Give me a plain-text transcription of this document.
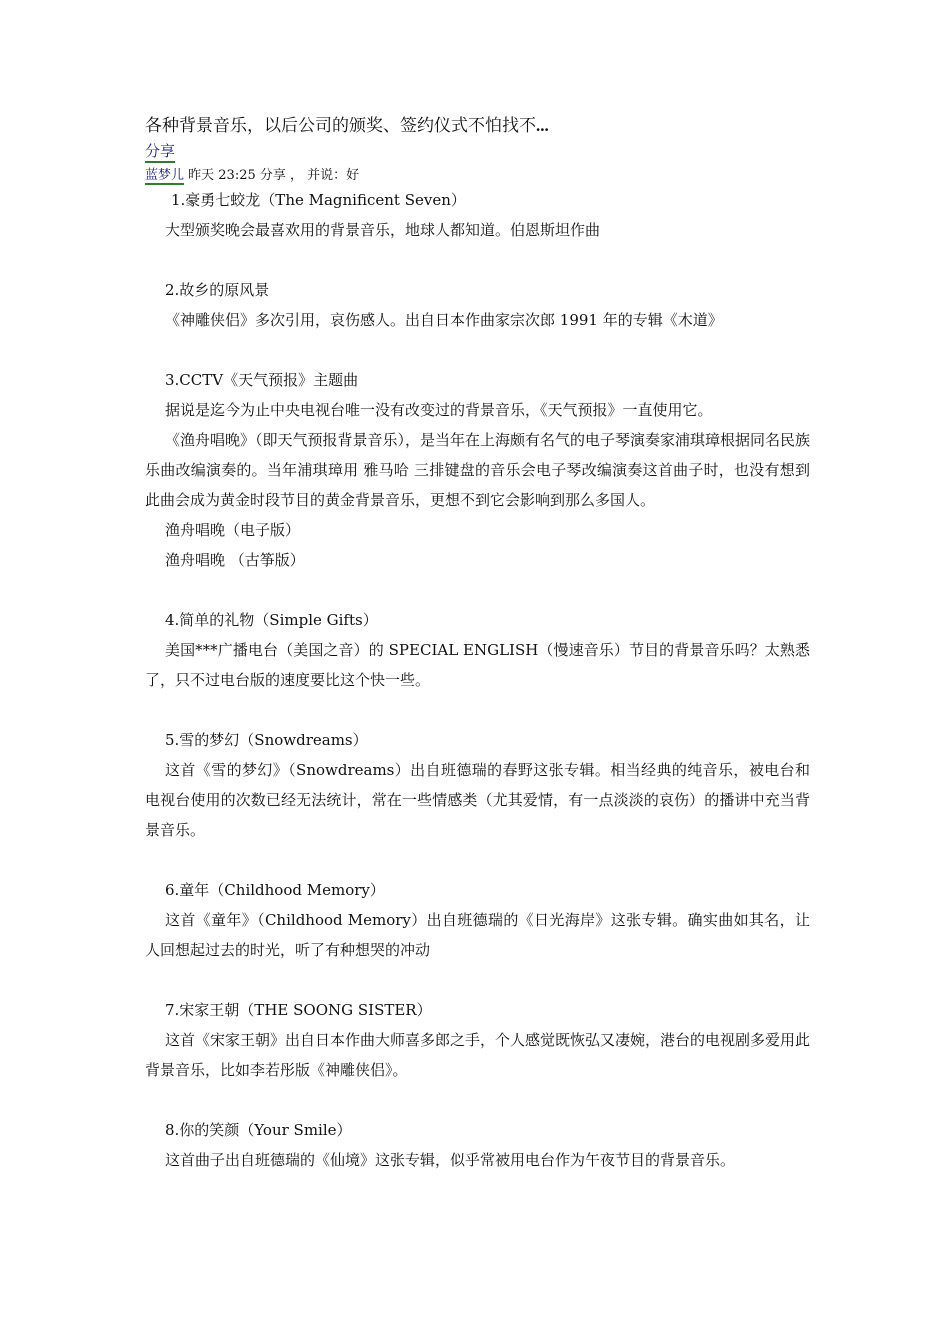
各种背景音乐，以后公司的颁奖、签约仪式不怕找不...
分享
蓝梦儿 昨天 23:25 分享 ， 并说：好
1.豪勇七蛟龙（The Magnificent Seven）

大型颁奖晚会最喜欢用的背景音乐，地球人都知道。伯恩斯坦作曲

2.故乡的原风景

《神雕侠侣》多次引用，哀伤感人。出自日本作曲家宗次郎 1991 年的专辑《木道》

3.CCTV《天气预报》主题曲

据说是迄今为止中央电视台唯一没有改变过的背景音乐，《天气预报》一直使用它。

《渔舟唱晚》（即天气预报背景音乐），是当年在上海颇有名气的电子琴演奏家浦琪璋根据同名民族乐曲改编演奏的。当年浦琪璋用 雅马哈 三排键盘的音乐会电子琴改编演奏这首曲子时，也没有想到此曲会成为黄金时段节目的黄金背景音乐，更想不到它会影响到那么多国人。

渔舟唱晚（电子版）
渔舟唱晚 （古筝版）
4.简单的礼物（Simple Gifts）

美国***广播电台（美国之音）的 SPECIAL ENGLISH（慢速音乐）节目的背景音乐吗？太熟悉了，只不过电台版的速度要比这个快一些。

5.雪的梦幻（Snowdreams）

这首《雪的梦幻》（Snowdreams）出自班德瑞的春野这张专辑。相当经典的纯音乐，被电台和电视台使用的次数已经无法统计，常在一些情感类（尤其爱情，有一点淡淡的哀伤）的播讲中充当背景音乐。

6.童年（Childhood Memory）

这首《童年》（Childhood Memory）出自班德瑞的《日光海岸》这张专辑。确实曲如其名，让人回想起过去的时光，听了有种想哭的冲动

7.宋家王朝（THE SOONG SISTER）

这首《宋家王朝》出自日本作曲大师喜多郎之手，个人感觉既恢弘又凄婉，港台的电视剧多爱用此背景音乐，比如李若彤版《神雕侠侣》。

8.你的笑颜（Your Smile）

这首曲子出自班德瑞的《仙境》这张专辑，似乎常被用电台作为午夜节目的背景音乐。
